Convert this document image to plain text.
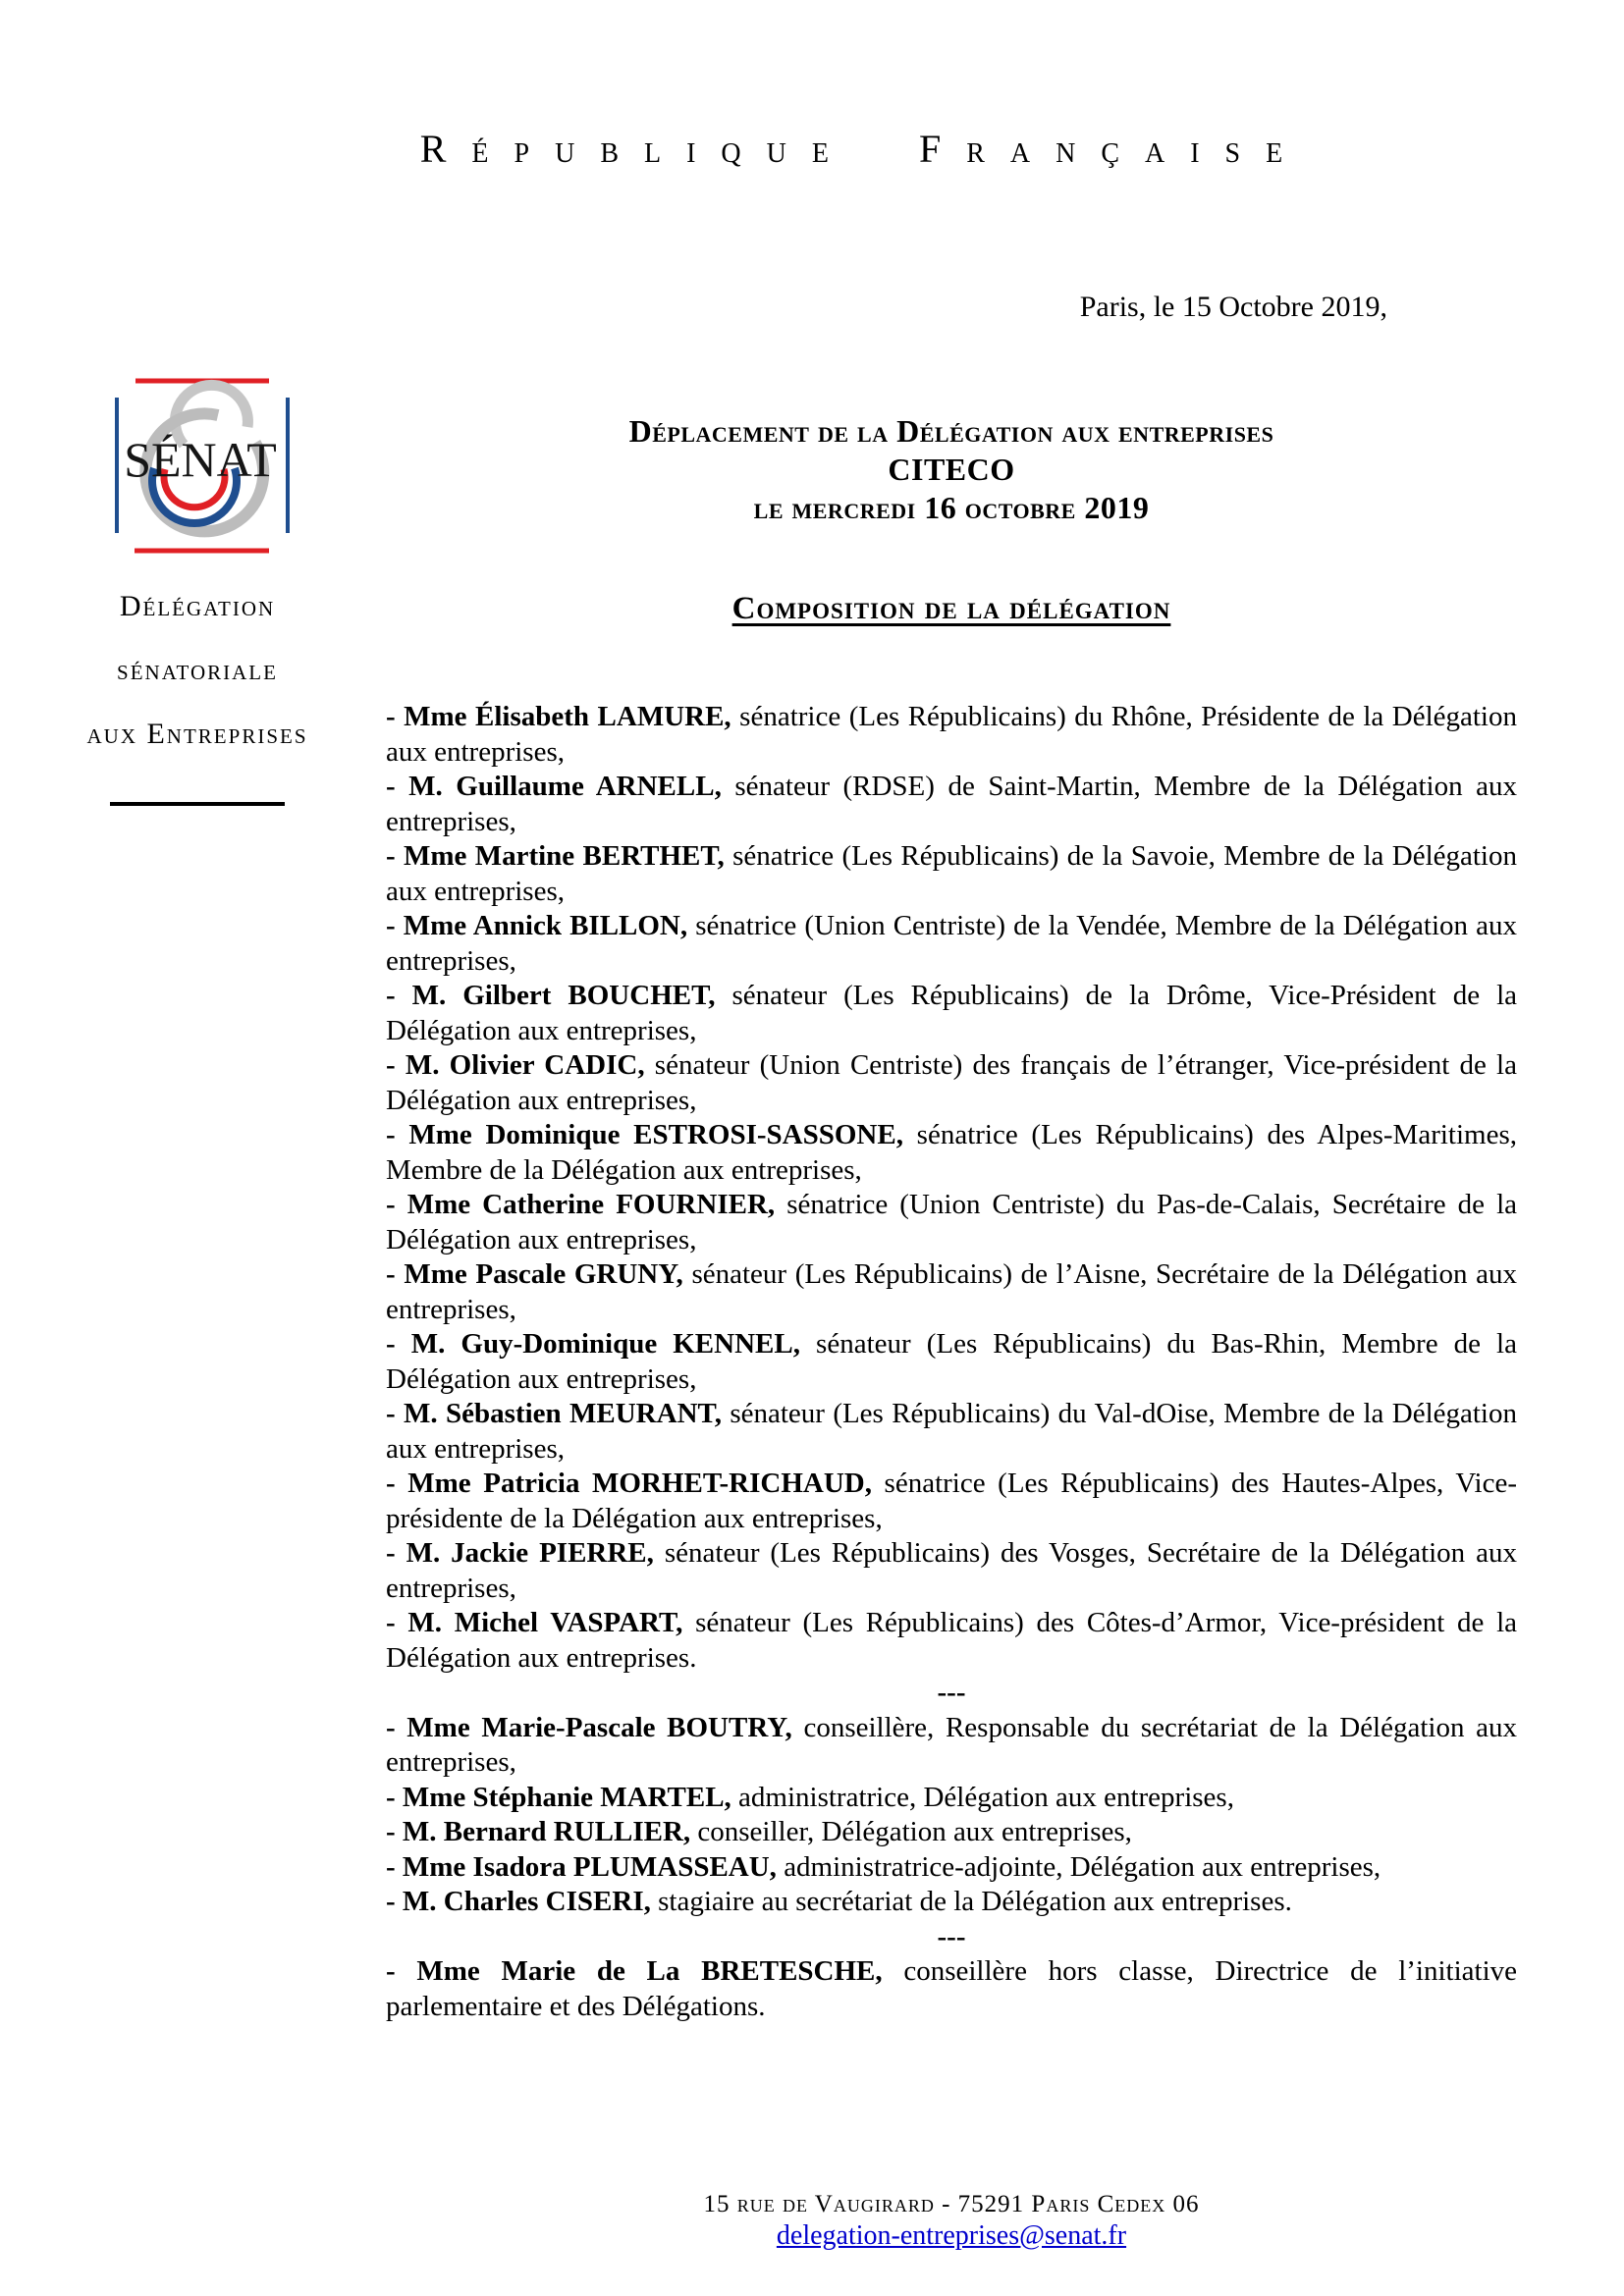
République Française
Paris, le 15 Octobre 2019,
SÉNAT
Délégation
sénatoriale
aux Entreprises
Déplacement de la Délégation aux entreprises
CITECO
le mercredi 16 octobre 2019
Composition de la délégation

- Mme Élisabeth LAMURE, sénatrice (Les Républicains) du Rhône, Présidente de la Délégation aux entreprises,

- M. Guillaume ARNELL, sénateur (RDSE) de Saint-Martin, Membre de la Délégation aux entreprises,

- Mme Martine BERTHET, sénatrice (Les Républicains) de la Savoie, Membre de la Délégation aux entreprises,

- Mme Annick BILLON, sénatrice (Union Centriste) de la Vendée, Membre de la Délégation aux entreprises,

- M. Gilbert BOUCHET, sénateur (Les Républicains) de la Drôme, Vice-Président de la Délégation aux entreprises,

- M. Olivier CADIC, sénateur (Union Centriste) des français de l’étranger, Vice-président de la Délégation aux entreprises,

- Mme Dominique ESTROSI-SASSONE, sénatrice (Les Républicains) des Alpes-Maritimes, Membre de la Délégation aux entreprises,

- Mme Catherine FOURNIER, sénatrice (Union Centriste) du Pas-de-Calais, Secrétaire de la Délégation aux entreprises,

- Mme Pascale GRUNY, sénateur (Les Républicains) de l’Aisne, Secrétaire de la Délégation aux entreprises,

- M. Guy-Dominique KENNEL, sénateur (Les Républicains) du Bas-Rhin, Membre de la Délégation aux entreprises,

- M. Sébastien MEURANT, sénateur (Les Républicains) du Val-dOise, Membre de la Délégation aux entreprises,

- Mme Patricia MORHET-RICHAUD, sénatrice (Les Républicains) des Hautes-Alpes, Vice-présidente de la Délégation aux entreprises,

- M. Jackie PIERRE, sénateur (Les Républicains) des Vosges, Secrétaire de la Délégation aux entreprises,

- M. Michel VASPART, sénateur (Les Républicains) des Côtes-d’Armor, Vice-président de la Délégation aux entreprises.

---

- Mme Marie-Pascale BOUTRY, conseillère, Responsable du secrétariat de la Délégation aux entreprises,

- Mme Stéphanie MARTEL, administratrice, Délégation aux entreprises,

- M. Bernard RULLIER, conseiller, Délégation aux entreprises,

- Mme Isadora PLUMASSEAU, administratrice-adjointe, Délégation aux entreprises,

- M. Charles CISERI, stagiaire au secrétariat de la Délégation aux entreprises.

---

- Mme Marie de La BRETESCHE, conseillère hors classe, Directrice de l’initiative parlementaire et des Délégations.

15 rue de Vaugirard - 75291 Paris Cedex 06
delegation-entreprises@senat.fr
